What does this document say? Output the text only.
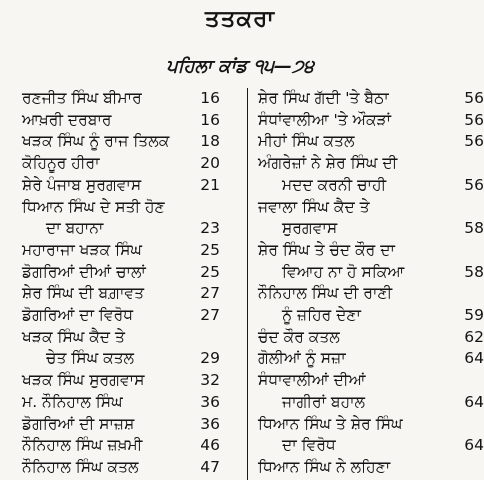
ਤਤਕਰਾ
ਪਹਿਲਾ ਕਾਂਡ ੧੫—੭੪
ਰਣਜੀਤ ਸਿੰਘ ਬੀਮਾਰ	16
ਆਖ਼ਰੀ ਦਰਬਾਰ	16
ਖੜਕ ਸਿੰਘ ਨੂੰ ਰਾਜ ਤਿਲਕ	18
ਕੋਹਿਨੂਰ ਹੀਰਾ	20
ਸ਼ੇਰੇ ਪੰਜਾਬ ਸੁਰਗਵਾਸ	21
ਧਿਆਨ ਸਿੰਘ ਦੇ ਸਤੀ ਹੋਣ
ਦਾ ਬਹਾਨਾ	23
ਮਹਾਰਾਜਾ ਖੜਕ ਸਿੰਘ	25
ਡੋਗਰਿਆਂ ਦੀਆਂ ਚਾਲਾਂ	25
ਸ਼ੇਰ ਸਿੰਘ ਦੀ ਬਗ਼ਾਵਤ	27
ਡੋਗਰਿਆਂ ਦਾ ਵਿਰੋਧ	27
ਖੜਕ ਸਿੰਘ ਕੈਦ ਤੇ
ਚੇਤ ਸਿੰਘ ਕਤਲ	29
ਖੜਕ ਸਿੰਘ ਸੁਰਗਵਾਸ	32
ਮ. ਨੌਨਿਹਾਲ ਸਿੰਘ	36
ਡੋਗਰਿਆਂ ਦੀ ਸਾਜ਼ਸ਼	36
ਨੌਨਿਹਾਲ ਸਿੰਘ ਜ਼ਖ਼ਮੀ	46
ਨੌਨਿਹਾਲ ਸਿੰਘ ਕਤਲ	47
ਸ਼ੇਰ ਸਿੰਘ ਗੱਦੀ 'ਤੇ ਬੈਠਾ	56
ਸੰਧਾਂਵਾਲੀਆ 'ਤੇ ਔਕੜਾਂ	56
ਮੀਹਾਂ ਸਿੰਘ ਕਤਲ	56
ਅੰਗਰੇਜ਼ਾਂ ਨੇ ਸ਼ੇਰ ਸਿੰਘ ਦੀ
ਮਦਦ ਕਰਨੀ ਚਾਹੀ	56
ਜਵਾਲਾ ਸਿੰਘ ਕੈਦ ਤੇ
ਸੁਰਗਵਾਸ	58
ਸ਼ੇਰ ਸਿੰਘ ਤੇ ਚੰਦ ਕੌਰ ਦਾ
ਵਿਆਹ ਨਾ ਹੋ ਸਕਿਆ	58
ਨੌਨਿਹਾਲ ਸਿੰਘ ਦੀ ਰਾਣੀ
ਨੂੰ ਜ਼ਹਿਰ ਦੇਣਾ	59
ਚੰਦ ਕੌਰ ਕਤਲ	62
ਗੋਲੀਆਂ ਨੂੰ ਸਜ਼ਾ	64
ਸੰਧਾਵਾਲੀਆਂ ਦੀਆਂ
ਜਾਗੀਰਾਂ ਬਹਾਲ	64
ਧਿਆਨ ਸਿੰਘ ਤੇ ਸ਼ੇਰ ਸਿੰਘ
ਦਾ ਵਿਰੋਧ	64
ਧਿਆਨ ਸਿੰਘ ਨੇ ਲਹਿਣਾ
